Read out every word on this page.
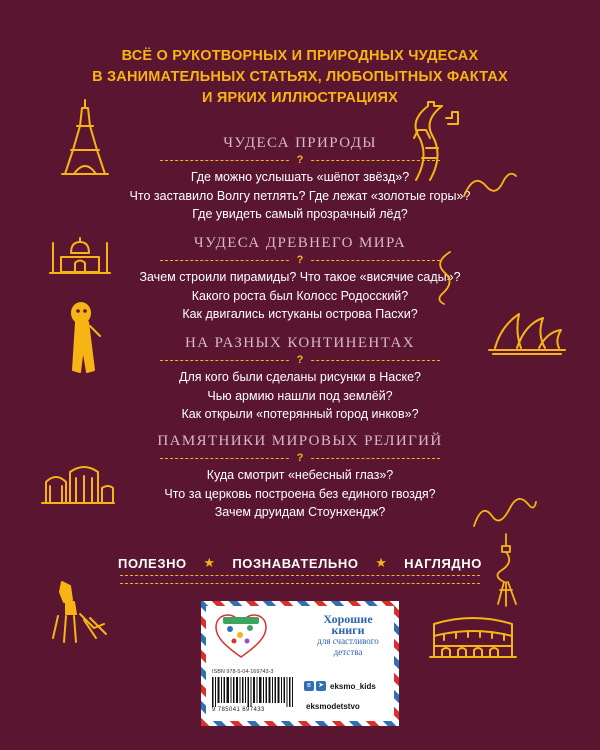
ВСЁ О РУКОТВОРНЫХ И ПРИРОДНЫХ ЧУДЕСАХ
В ЗАНИМАТЕЛЬНЫХ СТАТЬЯХ, ЛЮБОПЫТНЫХ ФАКТАХ
И ЯРКИХ ИЛЛЮСТРАЦИЯХ
ЧУДЕСА ПРИРОДЫ
?
Где можно услышать «шёпот звёзд»?
Что заставило Волгу петлять? Где лежат «золотые горы»?
Где увидеть самый прозрачный лёд?
ЧУДЕСА ДРЕВНЕГО МИРА
?
Зачем строили пирамиды? Что такое «висячие сады»?
Какого роста был Колосс Родосский?
Как двигались истуканы острова Пасхи?
НА РАЗНЫХ КОНТИНЕНТАХ
?
Для кого были сделаны рисунки в Наске?
Чью армию нашли под землёй?
Как открыли «потерянный город инков»?
ПАМЯТНИКИ МИРОВЫХ РЕЛИГИЙ
?
Куда смотрит «небесный глаз»?
Что за церковь построена без единого гвоздя?
Зачем друидам Стоунхендж?
ПОЛЕЗНО ★ ПОЗНАВАТЕЛЬНО ★ НАГЛЯДНО
ISBN 978-5-04-169743-3
9 785041 697433
Хорошие
книги
для счастливого
детства
в	➤ eksmo_kids
eksmodetstvo
